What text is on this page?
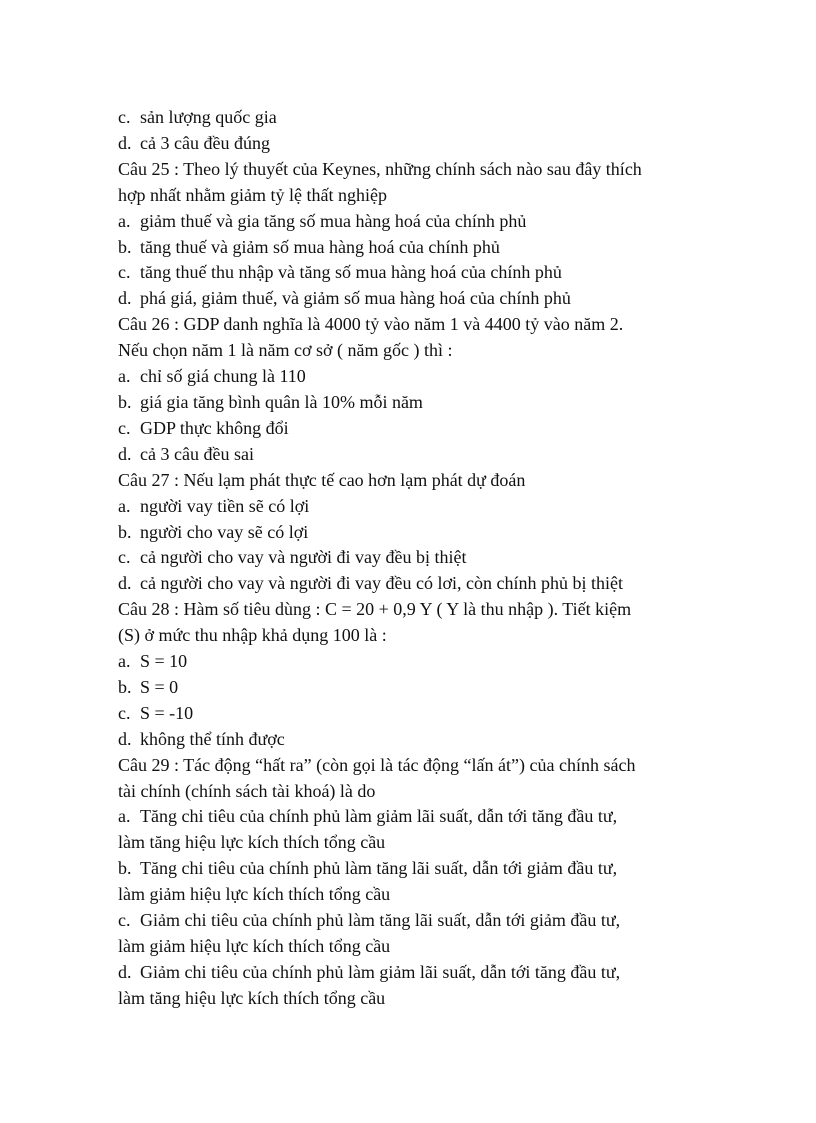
c. sản lượng quốc gia
d. cả 3 câu đều đúng
Câu 25 : Theo lý thuyết của Keynes, những chính sách nào sau đây thích
hợp nhất nhằm giảm tỷ lệ thất nghiệp
a. giảm thuế và gia tăng số mua hàng hoá của chính phủ
b. tăng thuế và giảm số mua hàng hoá của chính phủ
c. tăng thuế thu nhập và tăng số mua hàng hoá của chính phủ
d. phá giá, giảm thuế, và giảm số mua hàng hoá của chính phủ
Câu 26 : GDP danh nghĩa là 4000 tỷ vào năm 1 và 4400 tỷ vào năm 2.
Nếu chọn năm 1 là năm cơ sở ( năm gốc ) thì :
a. chỉ số giá chung là 110
b. giá gia tăng bình quân là 10% mỗi năm
c. GDP thực không đổi
d. cả 3 câu đều sai
Câu 27 : Nếu lạm phát thực tế cao hơn lạm phát dự đoán
a. người vay tiền sẽ có lợi
b. người cho vay sẽ có lợi
c. cả người cho vay và người đi vay đều bị thiệt
d. cả người cho vay và người đi vay đều có lơi, còn chính phủ bị thiệt
Câu 28 : Hàm số tiêu dùng : C = 20 + 0,9 Y ( Y là thu nhập ). Tiết kiệm
(S) ở mức thu nhập khả dụng 100 là :
a. S = 10
b. S = 0
c. S = -10
d. không thể tính được
Câu 29 : Tác động “hất ra” (còn gọi là tác động “lấn át”) của chính sách
tài chính (chính sách tài khoá) là do
a. Tăng chi tiêu của chính phủ làm giảm lãi suất, dẫn tới tăng đầu tư,
làm tăng hiệu lực kích thích tổng cầu
b. Tăng chi tiêu của chính phủ làm tăng lãi suất, dẫn tới giảm đầu tư,
làm giảm hiệu lực kích thích tổng cầu
c. Giảm chi tiêu của chính phủ làm tăng lãi suất, dẫn tới giảm đầu tư,
làm giảm hiệu lực kích thích tổng cầu
d. Giảm chi tiêu của chính phủ làm giảm lãi suất, dẫn tới tăng đầu tư,
làm tăng hiệu lực kích thích tổng cầu
